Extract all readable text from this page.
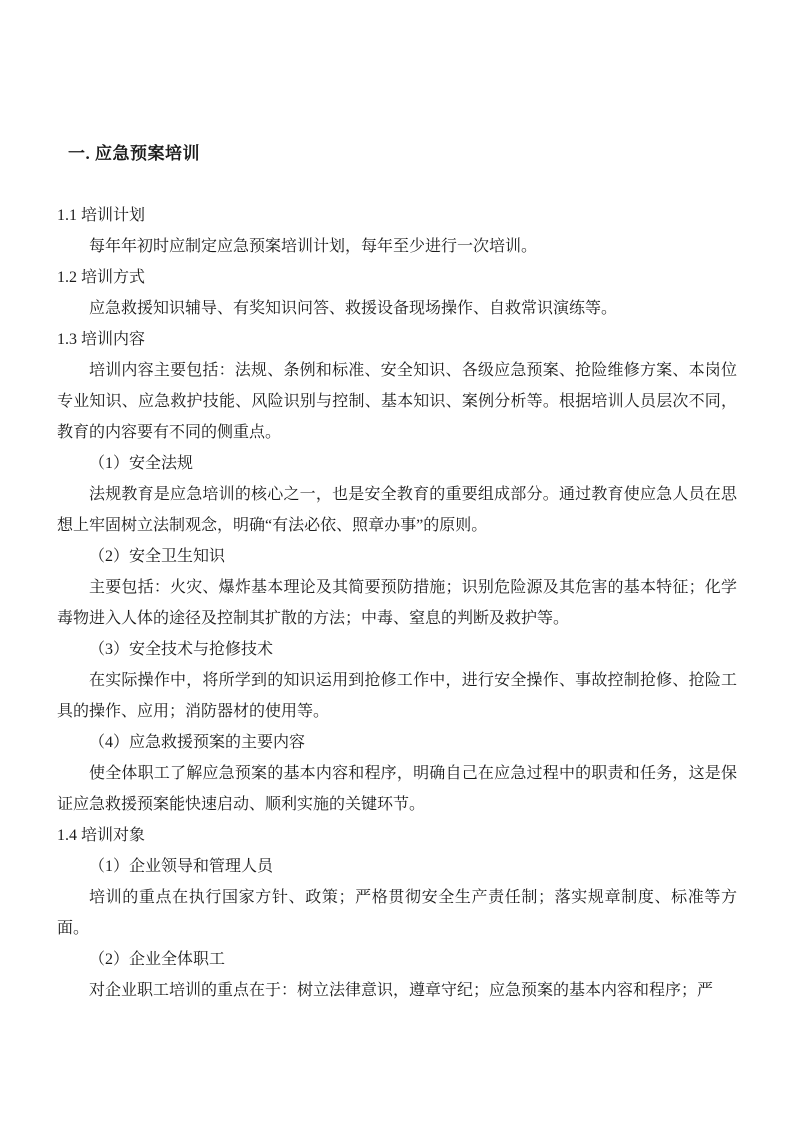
一. 应急预案培训

1.1 培训计划

每年年初时应制定应急预案培训计划，每年至少进行一次培训。

1.2 培训方式

应急救援知识辅导、有奖知识问答、救援设备现场操作、自救常识演练等。

1.3 培训内容

培训内容主要包括：法规、条例和标准、安全知识、各级应急预案、抢险维修方案、本岗位专业知识、应急救护技能、风险识别与控制、基本知识、案例分析等。根据培训人员层次不同，教育的内容要有不同的侧重点。

（1）安全法规

法规教育是应急培训的核心之一，也是安全教育的重要组成部分。通过教育使应急人员在思想上牢固树立法制观念，明确“有法必依、照章办事”的原则。

（2）安全卫生知识

主要包括：火灾、爆炸基本理论及其简要预防措施；识别危险源及其危害的基本特征；化学毒物进入人体的途径及控制其扩散的方法；中毒、窒息的判断及救护等。

（3）安全技术与抢修技术

在实际操作中，将所学到的知识运用到抢修工作中，进行安全操作、事故控制抢修、抢险工具的操作、应用；消防器材的使用等。

（4）应急救援预案的主要内容

使全体职工了解应急预案的基本内容和程序，明确自己在应急过程中的职责和任务，这是保证应急救援预案能快速启动、顺利实施的关键环节。

1.4 培训对象

（1）企业领导和管理人员

培训的重点在执行国家方针、政策；严格贯彻安全生产责任制；落实规章制度、标准等方面。

（2）企业全体职工

对企业职工培训的重点在于：树立法律意识，遵章守纪；应急预案的基本内容和程序；严
